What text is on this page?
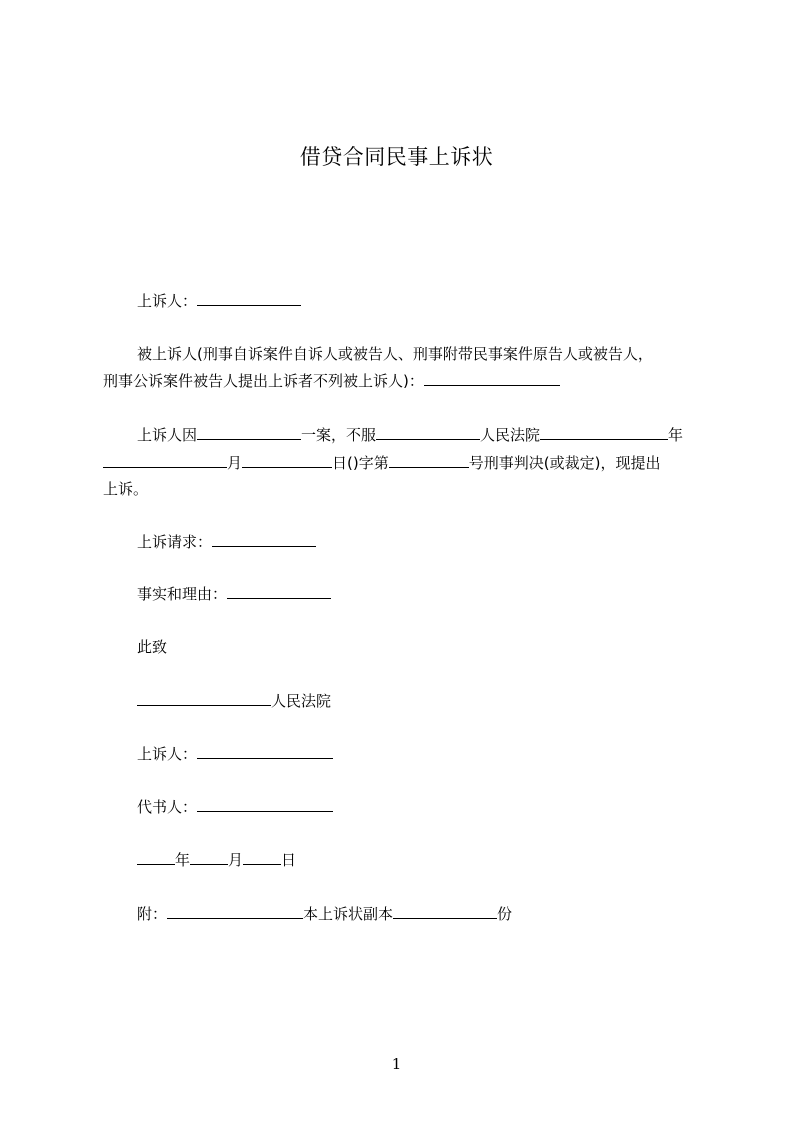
借贷合同民事上诉状
上诉人：
被上诉人(刑事自诉案件自诉人或被告人、刑事附带民事案件原告人或被告人，
刑事公诉案件被告人提出上诉者不列被上诉人)：
上诉人因	一案，不服	人民法院	年
月	日()字第	号刑事判决(或裁定)，现提出
上诉。
上诉请求：
事实和理由：
此致
人民法院
上诉人：
代书人：
年	月	日
附：	本上诉状副本	份
1
